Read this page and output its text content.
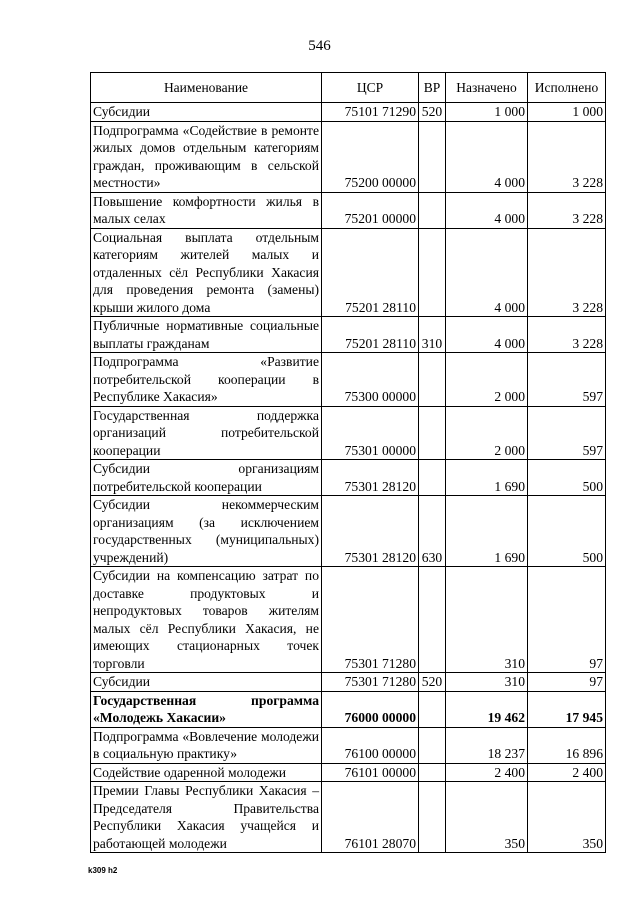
546
Наименование	ЦСР	ВР	Назначено	Исполнено
Субсидии	75101 71290	520	1 000	1 000
Подпрограмма «Содействие в ремонте жилых домов отдельным категориям граждан, проживающим в сельской местности»	75200 00000		4 000	3 228
Повышение комфортности жилья в малых селах	75201 00000		4 000	3 228
Социальная выплата отдельным категориям жителей малых и отдаленных сёл Республики Хакасия для проведения ремонта (замены) крыши жилого дома	75201 28110		4 000	3 228
Публичные нормативные социальные выплаты гражданам	75201 28110	310	4 000	3 228
Подпрограмма «Развитие потребительской кооперации в Республике Хакасия»	75300 00000		2 000	597
Государственная поддержка организаций потребительской кооперации	75301 00000		2 000	597
Субсидии организациям потребительской кооперации	75301 28120		1 690	500
Субсидии некоммерческим организациям (за исключением государственных (муниципальных) учреждений)	75301 28120	630	1 690	500
Субсидии на компенсацию затрат по доставке продуктовых и непродуктовых товаров жителям малых сёл Республики Хакасия, не имеющих стационарных точек торговли	75301 71280		310	97
Субсидии	75301 71280	520	310	97
Государственная программа «Молодежь Хакасии»	76000 00000		19 462	17 945
Подпрограмма «Вовлечение молодежи в социальную практику»	76100 00000		18 237	16 896
Содействие одаренной молодежи	76101 00000		2 400	2 400
Премии Главы Республики Хакасия – Председателя Правительства Республики Хакасия учащейся и работающей молодежи	76101 28070		350	350
k309 h2
